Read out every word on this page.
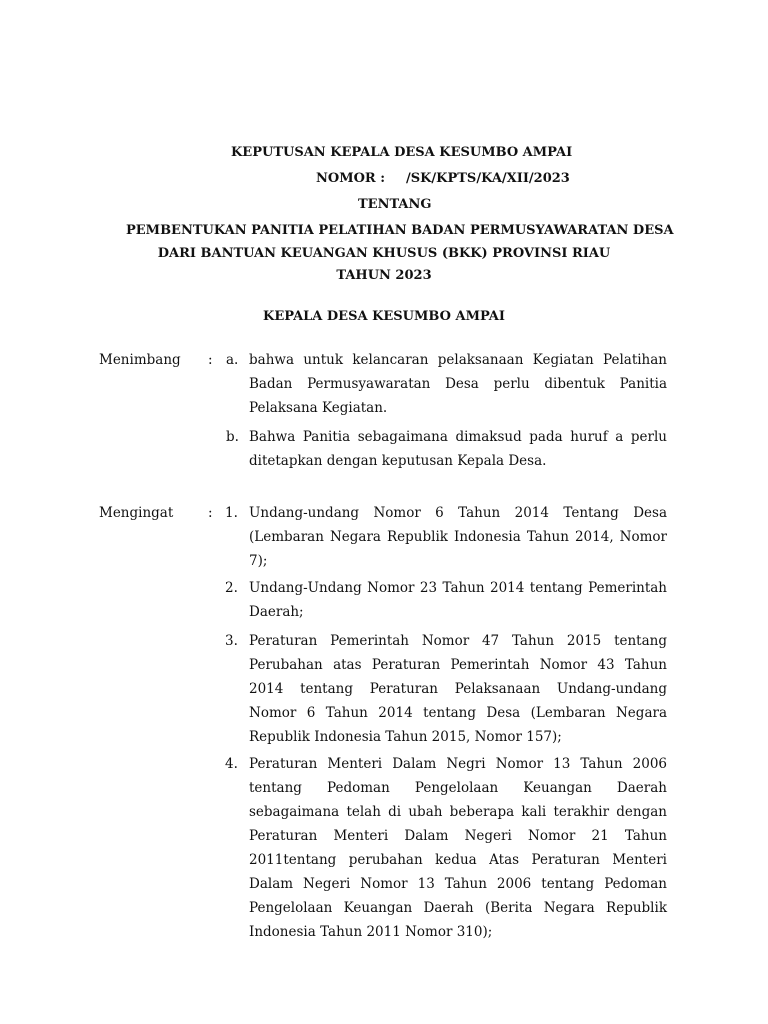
KEPUTUSAN KEPALA DESA KESUMBO AMPAI
NOMOR : /SK/KPTS/KA/XII/2023
TENTANG
PEMBENTUKAN PANITIA PELATIHAN BADAN PERMUSYAWARATAN DESA
DARI BANTUAN KEUANGAN KHUSUS (BKK) PROVINSI RIAU
TAHUN 2023
KEPALA DESA KESUMBO AMPAI
Menimbang : a. bahwa untuk kelancaran pelaksanaan Kegiatan Pelatihan Badan Permusyawaratan Desa perlu dibentuk Panitia Pelaksana Kegiatan.
b. Bahwa Panitia sebagaimana dimaksud pada huruf a perlu ditetapkan dengan keputusan Kepala Desa.
Mengingat	: 1. Undang-undang Nomor 6 Tahun 2014 Tentang Desa (Lembaran Negara Republik Indonesia Tahun 2014, Nomor 7);
2. Undang-Undang Nomor 23 Tahun 2014 tentang Pemerintah Daerah;
3. Peraturan Pemerintah Nomor 47 Tahun 2015 tentang Perubahan atas Peraturan Pemerintah Nomor 43 Tahun 2014 tentang Peraturan Pelaksanaan Undang-undang Nomor 6 Tahun 2014 tentang Desa (Lembaran Negara Republik Indonesia Tahun 2015, Nomor 157);
4. Peraturan Menteri Dalam Negri Nomor 13 Tahun 2006 tentang Pedoman Pengelolaan Keuangan Daerah sebagaimana telah di ubah beberapa kali terakhir dengan Peraturan Menteri Dalam Negeri Nomor 21 Tahun 2011tentang perubahan kedua Atas Peraturan Menteri Dalam Negeri Nomor 13 Tahun 2006 tentang Pedoman Pengelolaan Keuangan Daerah (Berita Negara Republik Indonesia Tahun 2011 Nomor 310);
